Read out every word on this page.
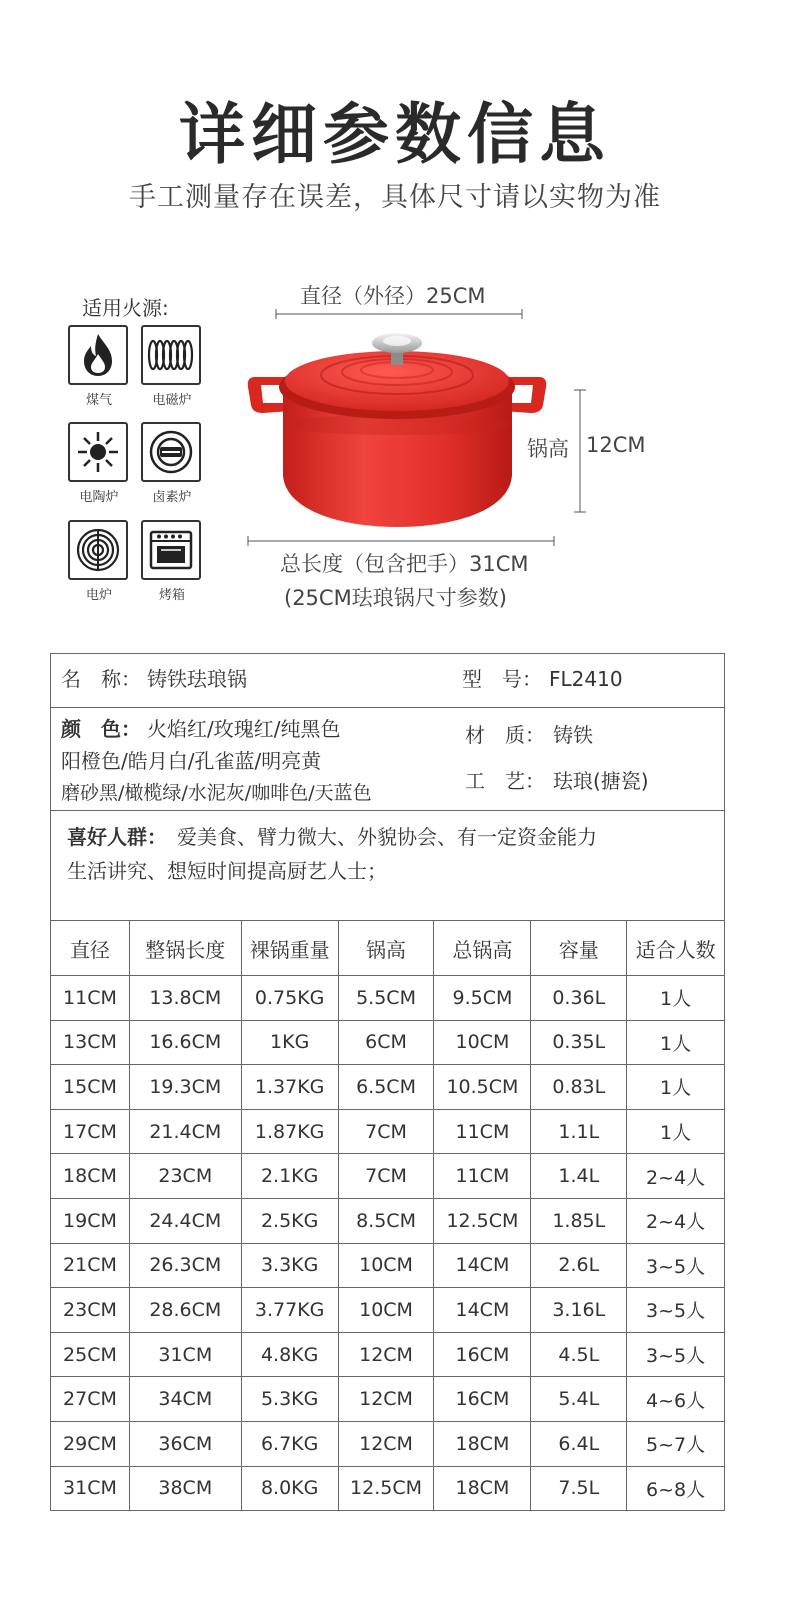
详细参数信息
手工测量存在误差，具体尺寸请以实物为准
适用火源:
煤气	电磁炉
电陶炉	卤素炉
电炉	烤箱
直径（外径）25CM
锅高 12CM
总长度（包含把手）31CM
(25CM珐琅锅尺寸参数)
名　称： 铸铁珐琅锅	型　号： FL2410
颜　色： 火焰红/玫瑰红/纯黑色
阳橙色/皓月白/孔雀蓝/明亮黄
磨砂黑/橄榄绿/水泥灰/咖啡色/天蓝色
材　质： 铸铁
工　艺： 珐琅(搪瓷)
喜好人群： 爱美食、臂力微大、外貌协会、有一定资金能力
生活讲究、想短时间提高厨艺人士；
直径	整锅长度	裸锅重量	锅高	总锅高	容量	适合人数
11CM	13.8CM	0.75KG	5.5CM	9.5CM	0.36L	1人
13CM	16.6CM	1KG	6CM	10CM	0.35L	1人
15CM	19.3CM	1.37KG	6.5CM	10.5CM	0.83L	1人
17CM	21.4CM	1.87KG	7CM	11CM	1.1L	1人
18CM	23CM	2.1KG	7CM	11CM	1.4L	2~4人
19CM	24.4CM	2.5KG	8.5CM	12.5CM	1.85L	2~4人
21CM	26.3CM	3.3KG	10CM	14CM	2.6L	3~5人
23CM	28.6CM	3.77KG	10CM	14CM	3.16L	3~5人
25CM	31CM	4.8KG	12CM	16CM	4.5L	3~5人
27CM	34CM	5.3KG	12CM	16CM	5.4L	4~6人
29CM	36CM	6.7KG	12CM	18CM	6.4L	5~7人
31CM	38CM	8.0KG	12.5CM	18CM	7.5L	6~8人
